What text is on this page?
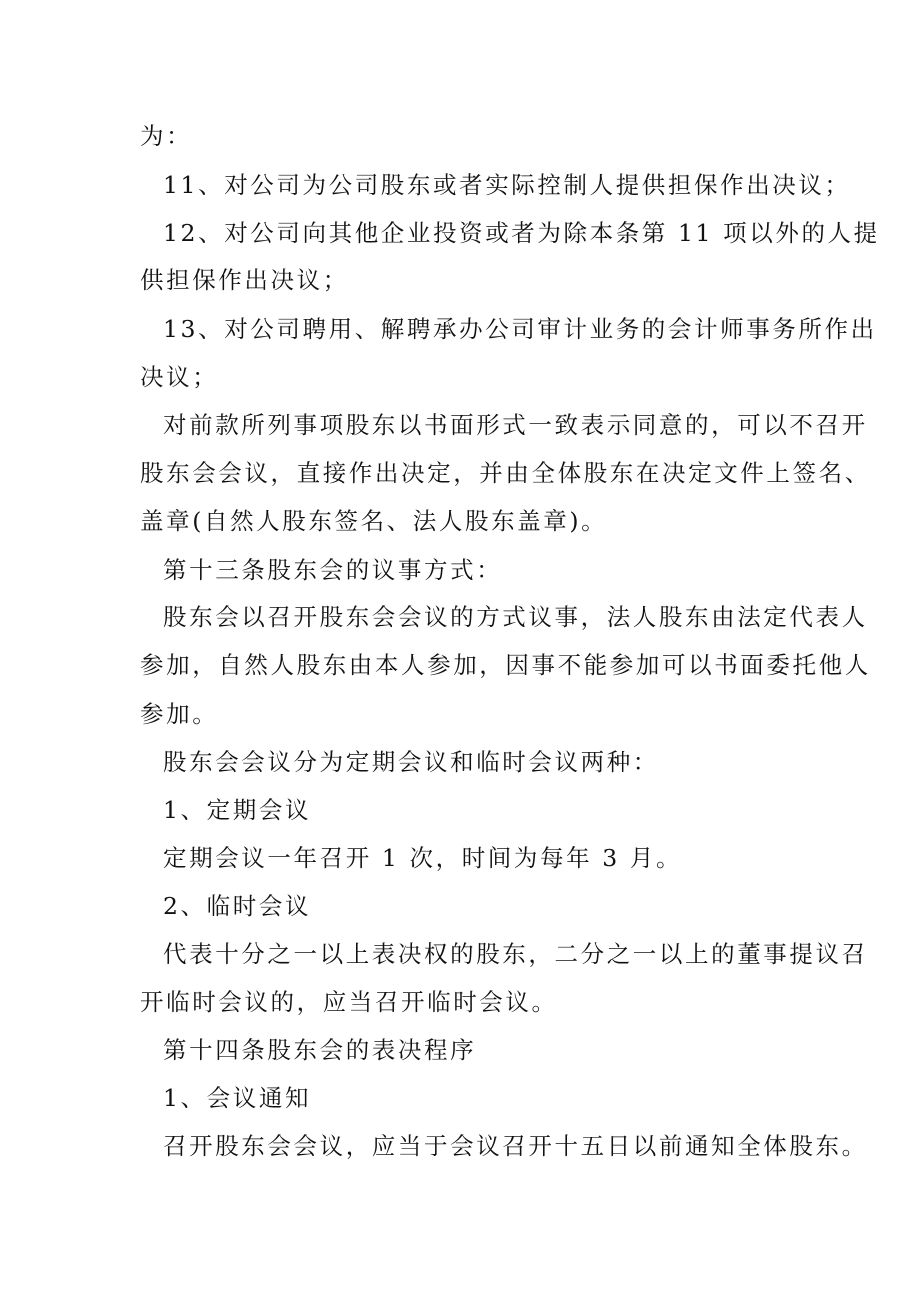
为：
11、对公司为公司股东或者实际控制人提供担保作出决议；
12、对公司向其他企业投资或者为除本条第 11 项以外的人提
供担保作出决议；
13、对公司聘用、解聘承办公司审计业务的会计师事务所作出
决议；
对前款所列事项股东以书面形式一致表示同意的，可以不召开
股东会会议，直接作出决定，并由全体股东在决定文件上签名、
盖章(自然人股东签名、法人股东盖章)。
第十三条股东会的议事方式：
股东会以召开股东会会议的方式议事，法人股东由法定代表人
参加，自然人股东由本人参加，因事不能参加可以书面委托他人
参加。
股东会会议分为定期会议和临时会议两种：
1、定期会议
定期会议一年召开 1 次，时间为每年 3 月。
2、临时会议
代表十分之一以上表决权的股东，二分之一以上的董事提议召
开临时会议的，应当召开临时会议。
第十四条股东会的表决程序
1、会议通知
召开股东会会议，应当于会议召开十五日以前通知全体股东。
